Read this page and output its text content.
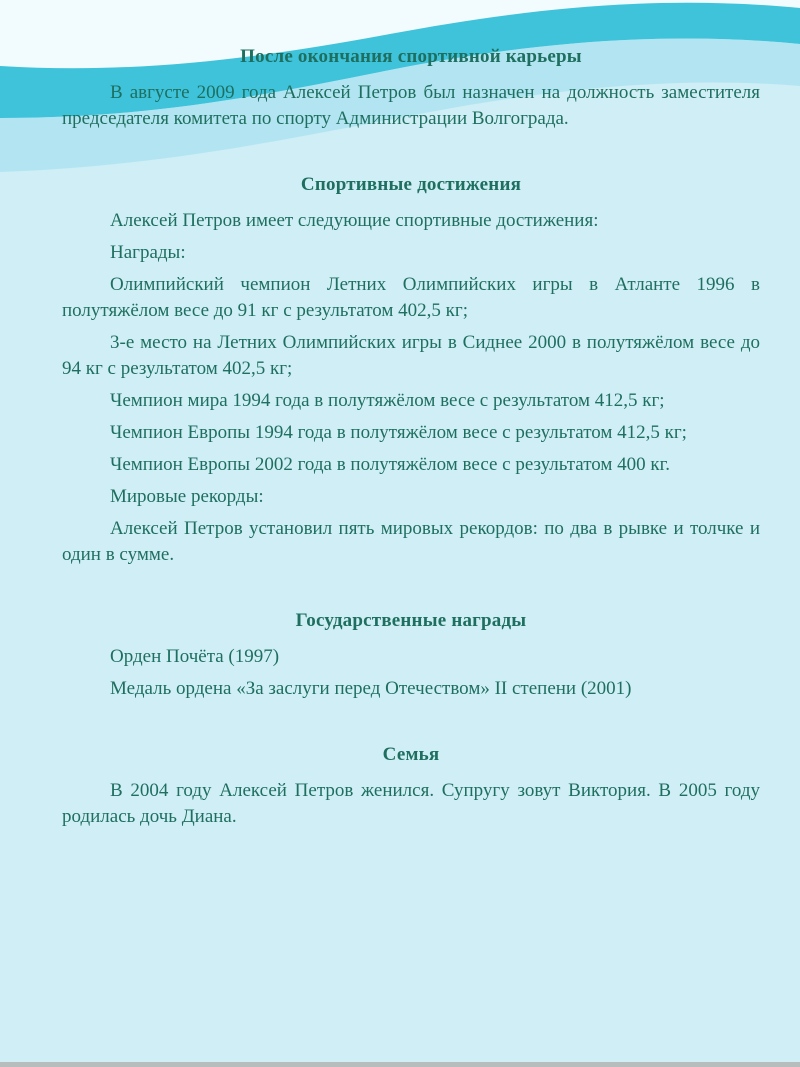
После окончания спортивной карьеры

В августе 2009 года Алексей Петров был назначен на должность заместителя председателя комитета по спорту Администрации Волгограда.

Спортивные достижения

Алексей Петров имеет следующие спортивные достижения:

Награды:

Олимпийский чемпион Летних Олимпийских игры в Атланте 1996 в полутяжёлом весе до 91 кг с результатом 402,5 кг;

3-е место на Летних Олимпийских игры в Сиднее 2000 в полутяжёлом весе до 94 кг с результатом 402,5 кг;

Чемпион мира 1994 года в полутяжёлом весе с результатом 412,5 кг;

Чемпион Европы 1994 года в полутяжёлом весе с результатом 412,5 кг;

Чемпион Европы 2002 года в полутяжёлом весе с результатом 400 кг.

Мировые рекорды:

Алексей Петров установил пять мировых рекордов: по два в рывке и толчке и один в сумме.

Государственные награды

Орден Почёта (1997)

Медаль ордена «За заслуги перед Отечеством» II степени (2001)

Семья

В 2004 году Алексей Петров женился. Супругу зовут Виктория. В 2005 году родилась дочь Диана.
